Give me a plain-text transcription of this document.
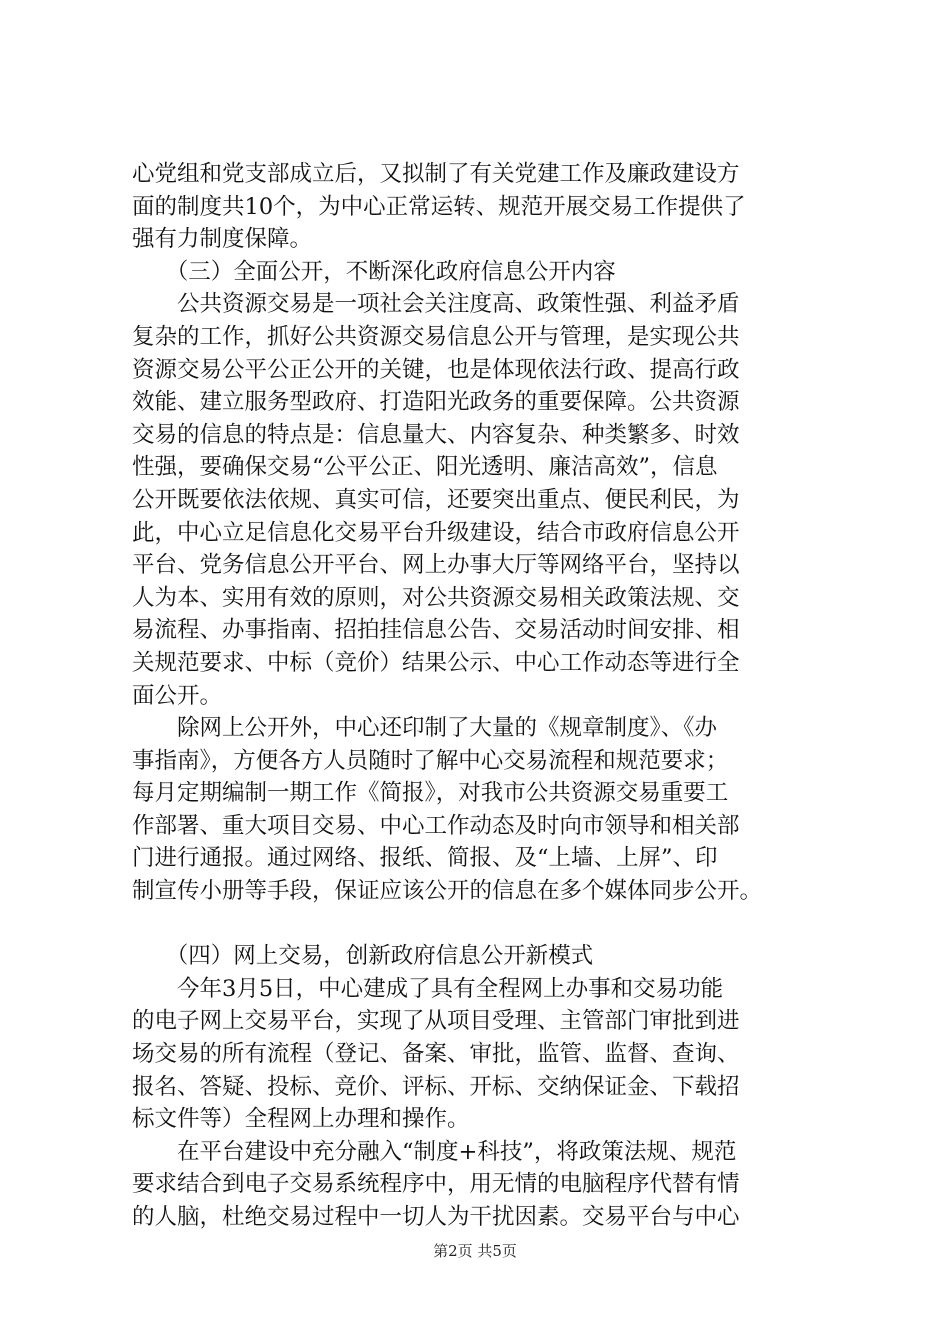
心党组和党支部成立后，又拟制了有关党建工作及廉政建设方
面的制度共10个，为中心正常运转、规范开展交易工作提供了
强有力制度保障。
　　（三）全面公开，不断深化政府信息公开内容
　　公共资源交易是一项社会关注度高、政策性强、利益矛盾
复杂的工作，抓好公共资源交易信息公开与管理，是实现公共
资源交易公平公正公开的关键，也是体现依法行政、提高行政
效能、建立服务型政府、打造阳光政务的重要保障。公共资源
交易的信息的特点是：信息量大、内容复杂、种类繁多、时效
性强，要确保交易“公平公正、阳光透明、廉洁高效”，信息
公开既要依法依规、真实可信，还要突出重点、便民利民，为
此，中心立足信息化交易平台升级建设，结合市政府信息公开
平台、党务信息公开平台、网上办事大厅等网络平台，坚持以
人为本、实用有效的原则，对公共资源交易相关政策法规、交
易流程、办事指南、招拍挂信息公告、交易活动时间安排、相
关规范要求、中标（竞价）结果公示、中心工作动态等进行全
面公开。
　　除网上公开外，中心还印制了大量的《规章制度》、《办
事指南》，方便各方人员随时了解中心交易流程和规范要求；
每月定期编制一期工作《简报》，对我市公共资源交易重要工
作部署、重大项目交易、中心工作动态及时向市领导和相关部
门进行通报。通过网络、报纸、简报、及“上墙、上屏”、印
制宣传小册等手段，保证应该公开的信息在多个媒体同步公开。
　　（四）网上交易，创新政府信息公开新模式
　　今年3月5日，中心建成了具有全程网上办事和交易功能
的电子网上交易平台，实现了从项目受理、主管部门审批到进
场交易的所有流程（登记、备案、审批，监管、监督、查询、
报名、答疑、投标、竞价、评标、开标、交纳保证金、下载招
标文件等）全程网上办理和操作。
　　在平台建设中充分融入“制度+科技”，将政策法规、规范
要求结合到电子交易系统程序中，用无情的电脑程序代替有情
的人脑，杜绝交易过程中一切人为干扰因素。交易平台与中心
第2页 共5页
